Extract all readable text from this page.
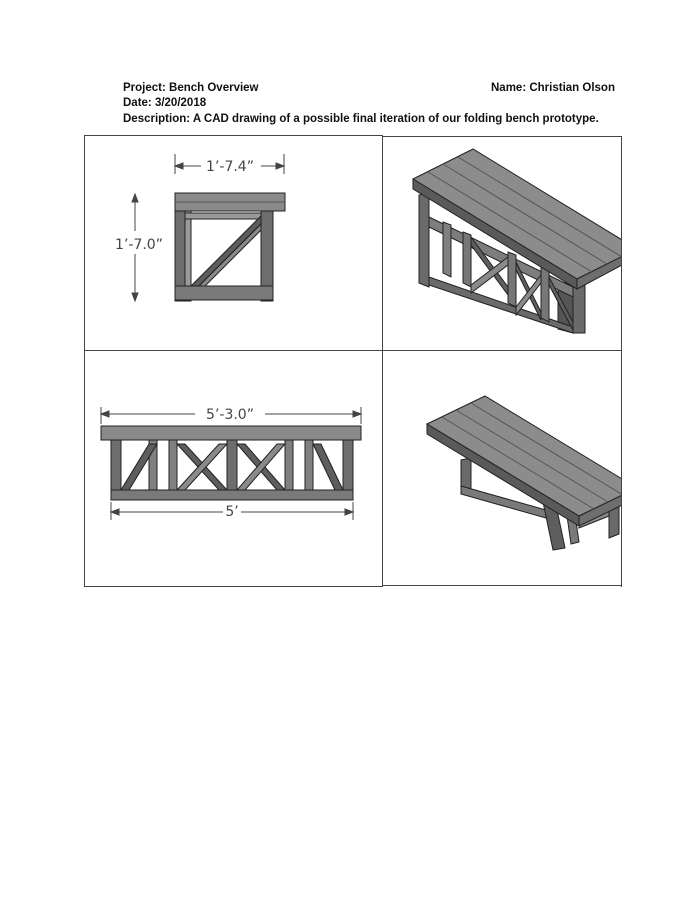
Project: Bench Overview	Name: Christian Olson
Date: 3/20/2018
Description: A CAD drawing of a possible final iteration of our folding bench prototype.
1’-7.4”
1’-7.0”
5’-3.0”
5’
